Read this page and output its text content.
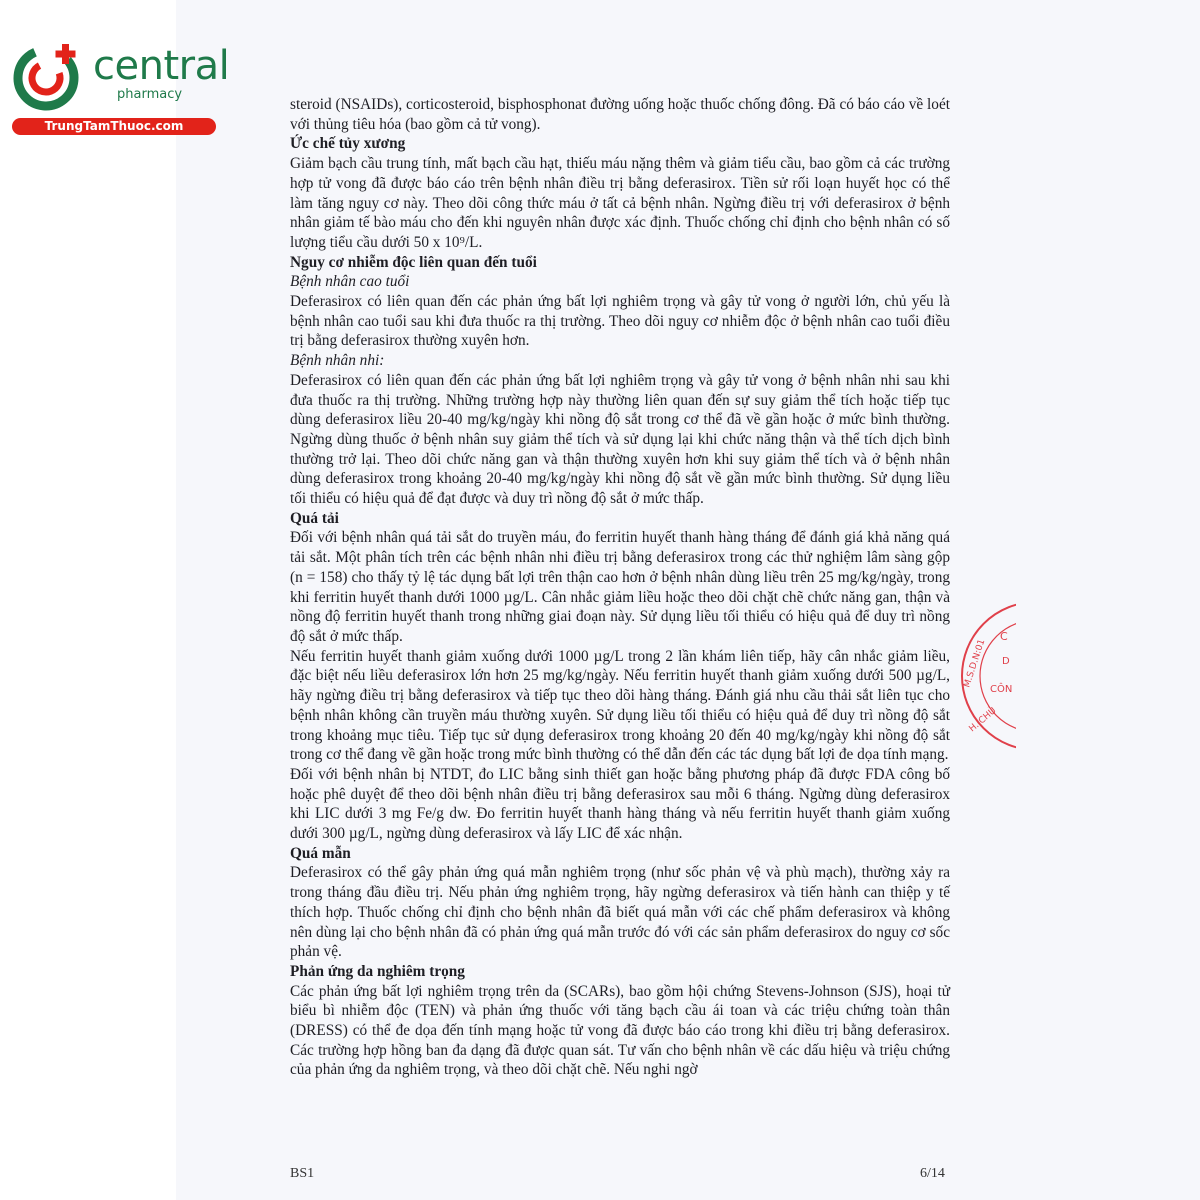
central
pharmacy
TrungTamThuoc.com

steroid (NSAIDs), corticosteroid, bisphosphonat đường uống hoặc thuốc chống đông. Đã có báo cáo về loét với thủng tiêu hóa (bao gồm cả tử vong).

Ức chế tủy xương

Giảm bạch cầu trung tính, mất bạch cầu hạt, thiếu máu nặng thêm và giảm tiểu cầu, bao gồm cả các trường hợp tử vong đã được báo cáo trên bệnh nhân điều trị bằng deferasirox. Tiền sử rối loạn huyết học có thể làm tăng nguy cơ này. Theo dõi công thức máu ở tất cả bệnh nhân. Ngừng điều trị với deferasirox ở bệnh nhân giảm tế bào máu cho đến khi nguyên nhân được xác định. Thuốc chống chỉ định cho bệnh nhân có số lượng tiểu cầu dưới 50 x 10⁹/L.

Nguy cơ nhiễm độc liên quan đến tuổi

Bệnh nhân cao tuổi

Deferasirox có liên quan đến các phản ứng bất lợi nghiêm trọng và gây tử vong ở người lớn, chủ yếu là bệnh nhân cao tuổi sau khi đưa thuốc ra thị trường. Theo dõi nguy cơ nhiễm độc ở bệnh nhân cao tuổi điều trị bằng deferasirox thường xuyên hơn.

Bệnh nhân nhi:

Deferasirox có liên quan đến các phản ứng bất lợi nghiêm trọng và gây tử vong ở bệnh nhân nhi sau khi đưa thuốc ra thị trường. Những trường hợp này thường liên quan đến sự suy giảm thể tích hoặc tiếp tục dùng deferasirox liều 20-40 mg/kg/ngày khi nồng độ sắt trong cơ thể đã về gần hoặc ở mức bình thường. Ngừng dùng thuốc ở bệnh nhân suy giảm thể tích và sử dụng lại khi chức năng thận và thể tích dịch bình thường trở lại. Theo dõi chức năng gan và thận thường xuyên hơn khi suy giảm thể tích và ở bệnh nhân dùng deferasirox trong khoảng 20-40 mg/kg/ngày khi nồng độ sắt về gần mức bình thường. Sử dụng liều tối thiểu có hiệu quả để đạt được và duy trì nồng độ sắt ở mức thấp.

Quá tải

Đối với bệnh nhân quá tải sắt do truyền máu, đo ferritin huyết thanh hàng tháng để đánh giá khả năng quá tải sắt. Một phân tích trên các bệnh nhân nhi điều trị bằng deferasirox trong các thử nghiệm lâm sàng gộp (n = 158) cho thấy tỷ lệ tác dụng bất lợi trên thận cao hơn ở bệnh nhân dùng liều trên 25 mg/kg/ngày, trong khi ferritin huyết thanh dưới 1000 µg/L. Cân nhắc giảm liều hoặc theo dõi chặt chẽ chức năng gan, thận và nồng độ ferritin huyết thanh trong những giai đoạn này. Sử dụng liều tối thiểu có hiệu quả để duy trì nồng độ sắt ở mức thấp.

Nếu ferritin huyết thanh giảm xuống dưới 1000 µg/L trong 2 lần khám liên tiếp, hãy cân nhắc giảm liều, đặc biệt nếu liều deferasirox lớn hơn 25 mg/kg/ngày. Nếu ferritin huyết thanh giảm xuống dưới 500 µg/L, hãy ngừng điều trị bằng deferasirox và tiếp tục theo dõi hàng tháng. Đánh giá nhu cầu thải sắt liên tục cho bệnh nhân không cần truyền máu thường xuyên. Sử dụng liều tối thiểu có hiệu quả để duy trì nồng độ sắt trong khoảng mục tiêu. Tiếp tục sử dụng deferasirox trong khoảng 20 đến 40 mg/kg/ngày khi nồng độ sắt trong cơ thể đang về gần hoặc trong mức bình thường có thể dẫn đến các tác dụng bất lợi đe dọa tính mạng.

Đối với bệnh nhân bị NTDT, đo LIC bằng sinh thiết gan hoặc bằng phương pháp đã được FDA công bố hoặc phê duyệt để theo dõi bệnh nhân điều trị bằng deferasirox sau mỗi 6 tháng. Ngừng dùng deferasirox khi LIC dưới 3 mg Fe/g dw. Đo ferritin huyết thanh hàng tháng và nếu ferritin huyết thanh giảm xuống dưới 300 µg/L, ngừng dùng deferasirox và lấy LIC để xác nhận.

Quá mẫn

Deferasirox có thể gây phản ứng quá mẫn nghiêm trọng (như sốc phản vệ và phù mạch), thường xảy ra trong tháng đầu điều trị. Nếu phản ứng nghiêm trọng, hãy ngừng deferasirox và tiến hành can thiệp y tế thích hợp. Thuốc chống chỉ định cho bệnh nhân đã biết quá mẫn với các chế phẩm deferasirox và không nên dùng lại cho bệnh nhân đã có phản ứng quá mẫn trước đó với các sản phẩm deferasirox do nguy cơ sốc phản vệ.

Phản ứng da nghiêm trọng

Các phản ứng bất lợi nghiêm trọng trên da (SCARs), bao gồm hội chứng Stevens-Johnson (SJS), hoại tử biểu bì nhiễm độc (TEN) và phản ứng thuốc với tăng bạch cầu ái toan và các triệu chứng toàn thân (DRESS) có thể đe dọa đến tính mạng hoặc tử vong đã được báo cáo trong khi điều trị bằng deferasirox. Các trường hợp hồng ban đa dạng đã được quan sát. Tư vấn cho bệnh nhân về các dấu hiệu và triệu chứng của phản ứng da nghiêm trọng, và theo dõi chặt chẽ. Nếu nghi ngờ

M.S.D.N:01
C
D
CÔN
H. CHỦ
BS1	6/14
